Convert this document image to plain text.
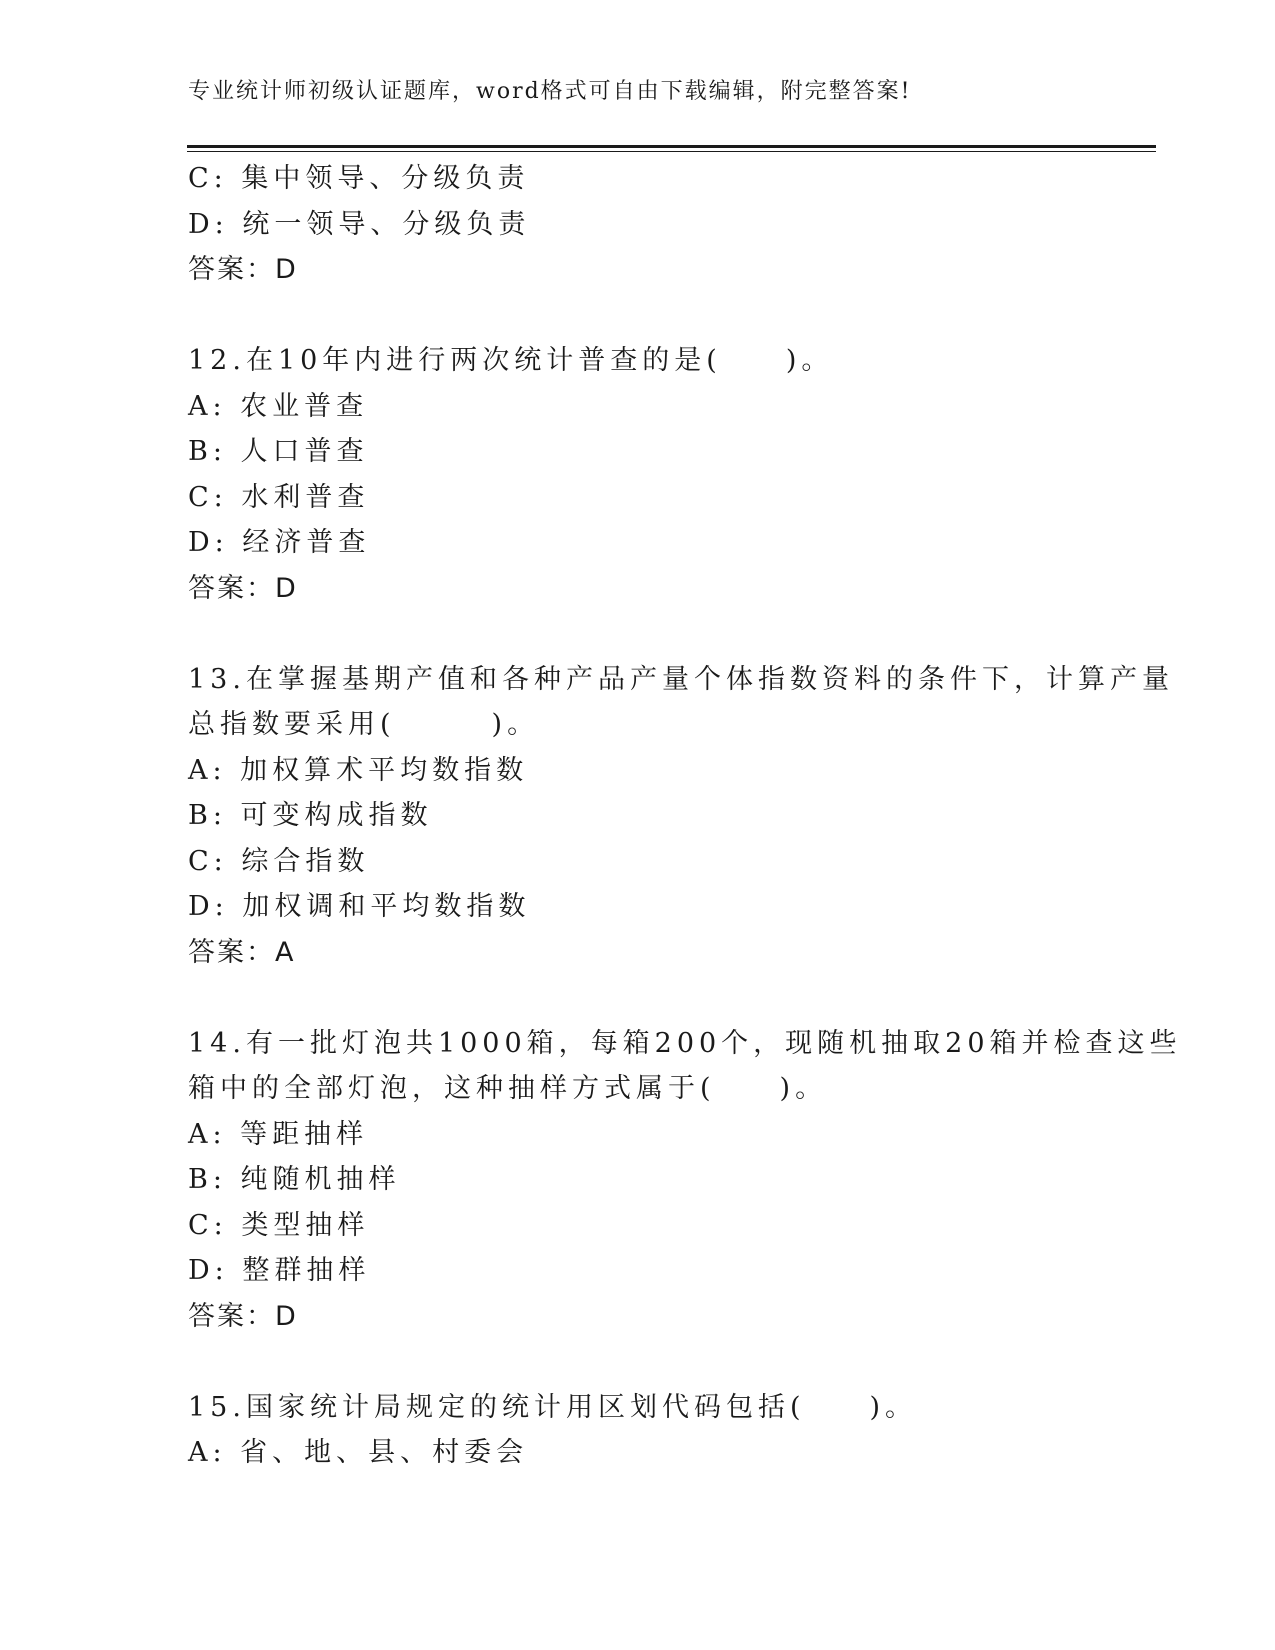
专业统计师初级认证题库，word格式可自由下载编辑，附完整答案!
C: 集中领导、分级负责
D: 统一领导、分级负责
答案：D
12.在10年内进行两次统计普查的是(　　)。
A: 农业普查
B: 人口普查
C: 水利普查
D: 经济普查
答案：D
13.在掌握基期产值和各种产品产量个体指数资料的条件下，计算产量
总指数要采用(　　　)。
A: 加权算术平均数指数
B: 可变构成指数
C: 综合指数
D: 加权调和平均数指数
答案：A
14.有一批灯泡共1000箱，每箱200个，现随机抽取20箱并检查这些
箱中的全部灯泡，这种抽样方式属于(　　)。
A: 等距抽样
B: 纯随机抽样
C: 类型抽样
D: 整群抽样
答案：D
15.国家统计局规定的统计用区划代码包括(　　)。
A: 省、地、县、村委会
